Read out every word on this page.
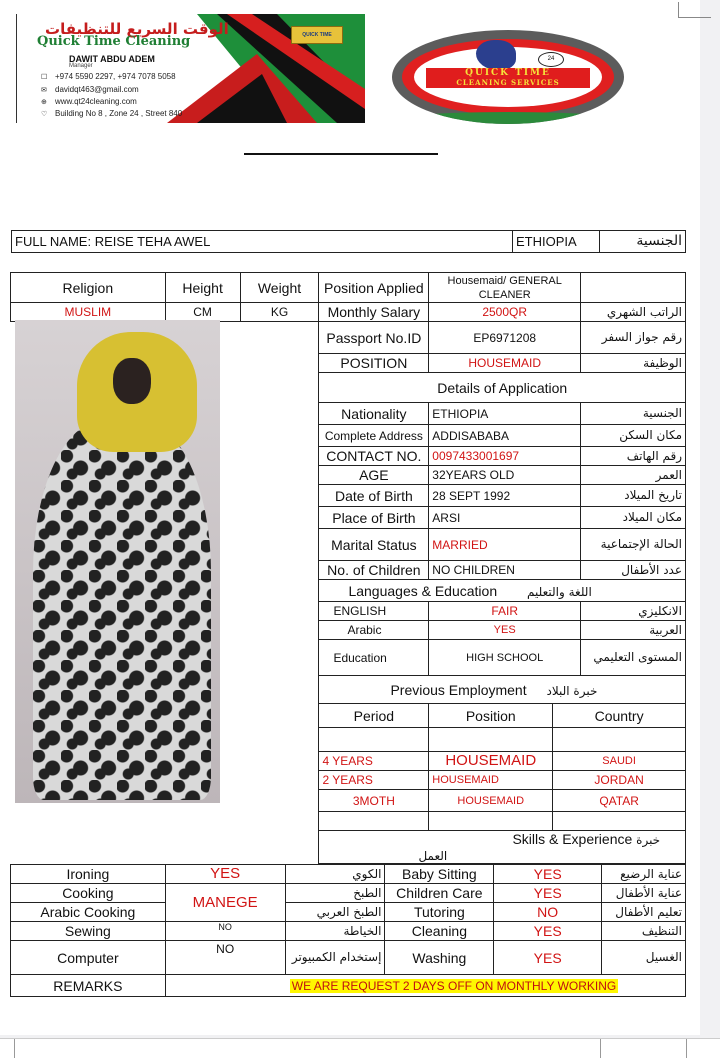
QUICK TIME
الوقت السريع للتنظيفات
Quick Time Cleaning
DAWIT ABDU ADEM
Manager
☐ +974 5590 2297, +974 7078 5058
✉ davidqt463@gmail.com
⊕ www.qt24cleaning.com
♡ Building No 8 , Zone 24 , Street 840
24
QUICK TIME
CLEANING SERVICES
FULL NAME: REISE TEHA AWEL	ETHIOPIA	الجنسية
Religion	Height	Weight	Position Applied	Housemaid/ GENERAL CLEANER		
MUSLIM	CM	KG	Monthly Salary	2500QR		الراتب الشهري
			Passport No.ID	EP6971208		رقم جواز السفر
			POSITION	HOUSEMAID		الوظيفة
			Details of Application			
			Nationality	ETHIOPIA		الجنسية
			Complete Address	ADDISABABA		مكان السكن
			CONTACT NO.	0097433001697		رقم الهاتف
			AGE	32YEARS OLD		العمر
			Date of Birth	28 SEPT 1992		تاريخ الميلاد
			Place of Birth	ARSI		مكان الميلاد
			Marital Status	MARRIED		الحالة الإجتماعية
			No. of Children	NO CHILDREN		عدد الأطفال
			Languages & Education اللغة والتعليم			
			ENGLISH	FAIR		الانكليزي
			Arabic	YES		العربية
			Education	HIGH SCHOOL		المستوى التعليمي
			Previous Employment خبرة البلاد			
			Period	Position	Country	

			4 YEARS	HOUSEMAID	SAUDI	
			2 YEARS	HOUSEMAID	JORDAN	
			3MOTH	HOUSEMAID	QATAR	

			Skills & Experience خبرة العمل			
Ironing	YES	الكوي	Baby Sitting	YES	عناية الرضيع
Cooking	MANEGE	الطبخ	Children Care	YES	عناية الأطفال
Arabic Cooking		الطبخ العربي	Tutoring	NO	تعليم الأطفال
Sewing	NO	الخياطة	Cleaning	YES	التنظيف
Computer	NO	إستخدام الكمبيوتر	Washing	YES	الغسيل
REMARKS	WE ARE REQUEST 2 DAYS OFF ON MONTHLY WORKING				
